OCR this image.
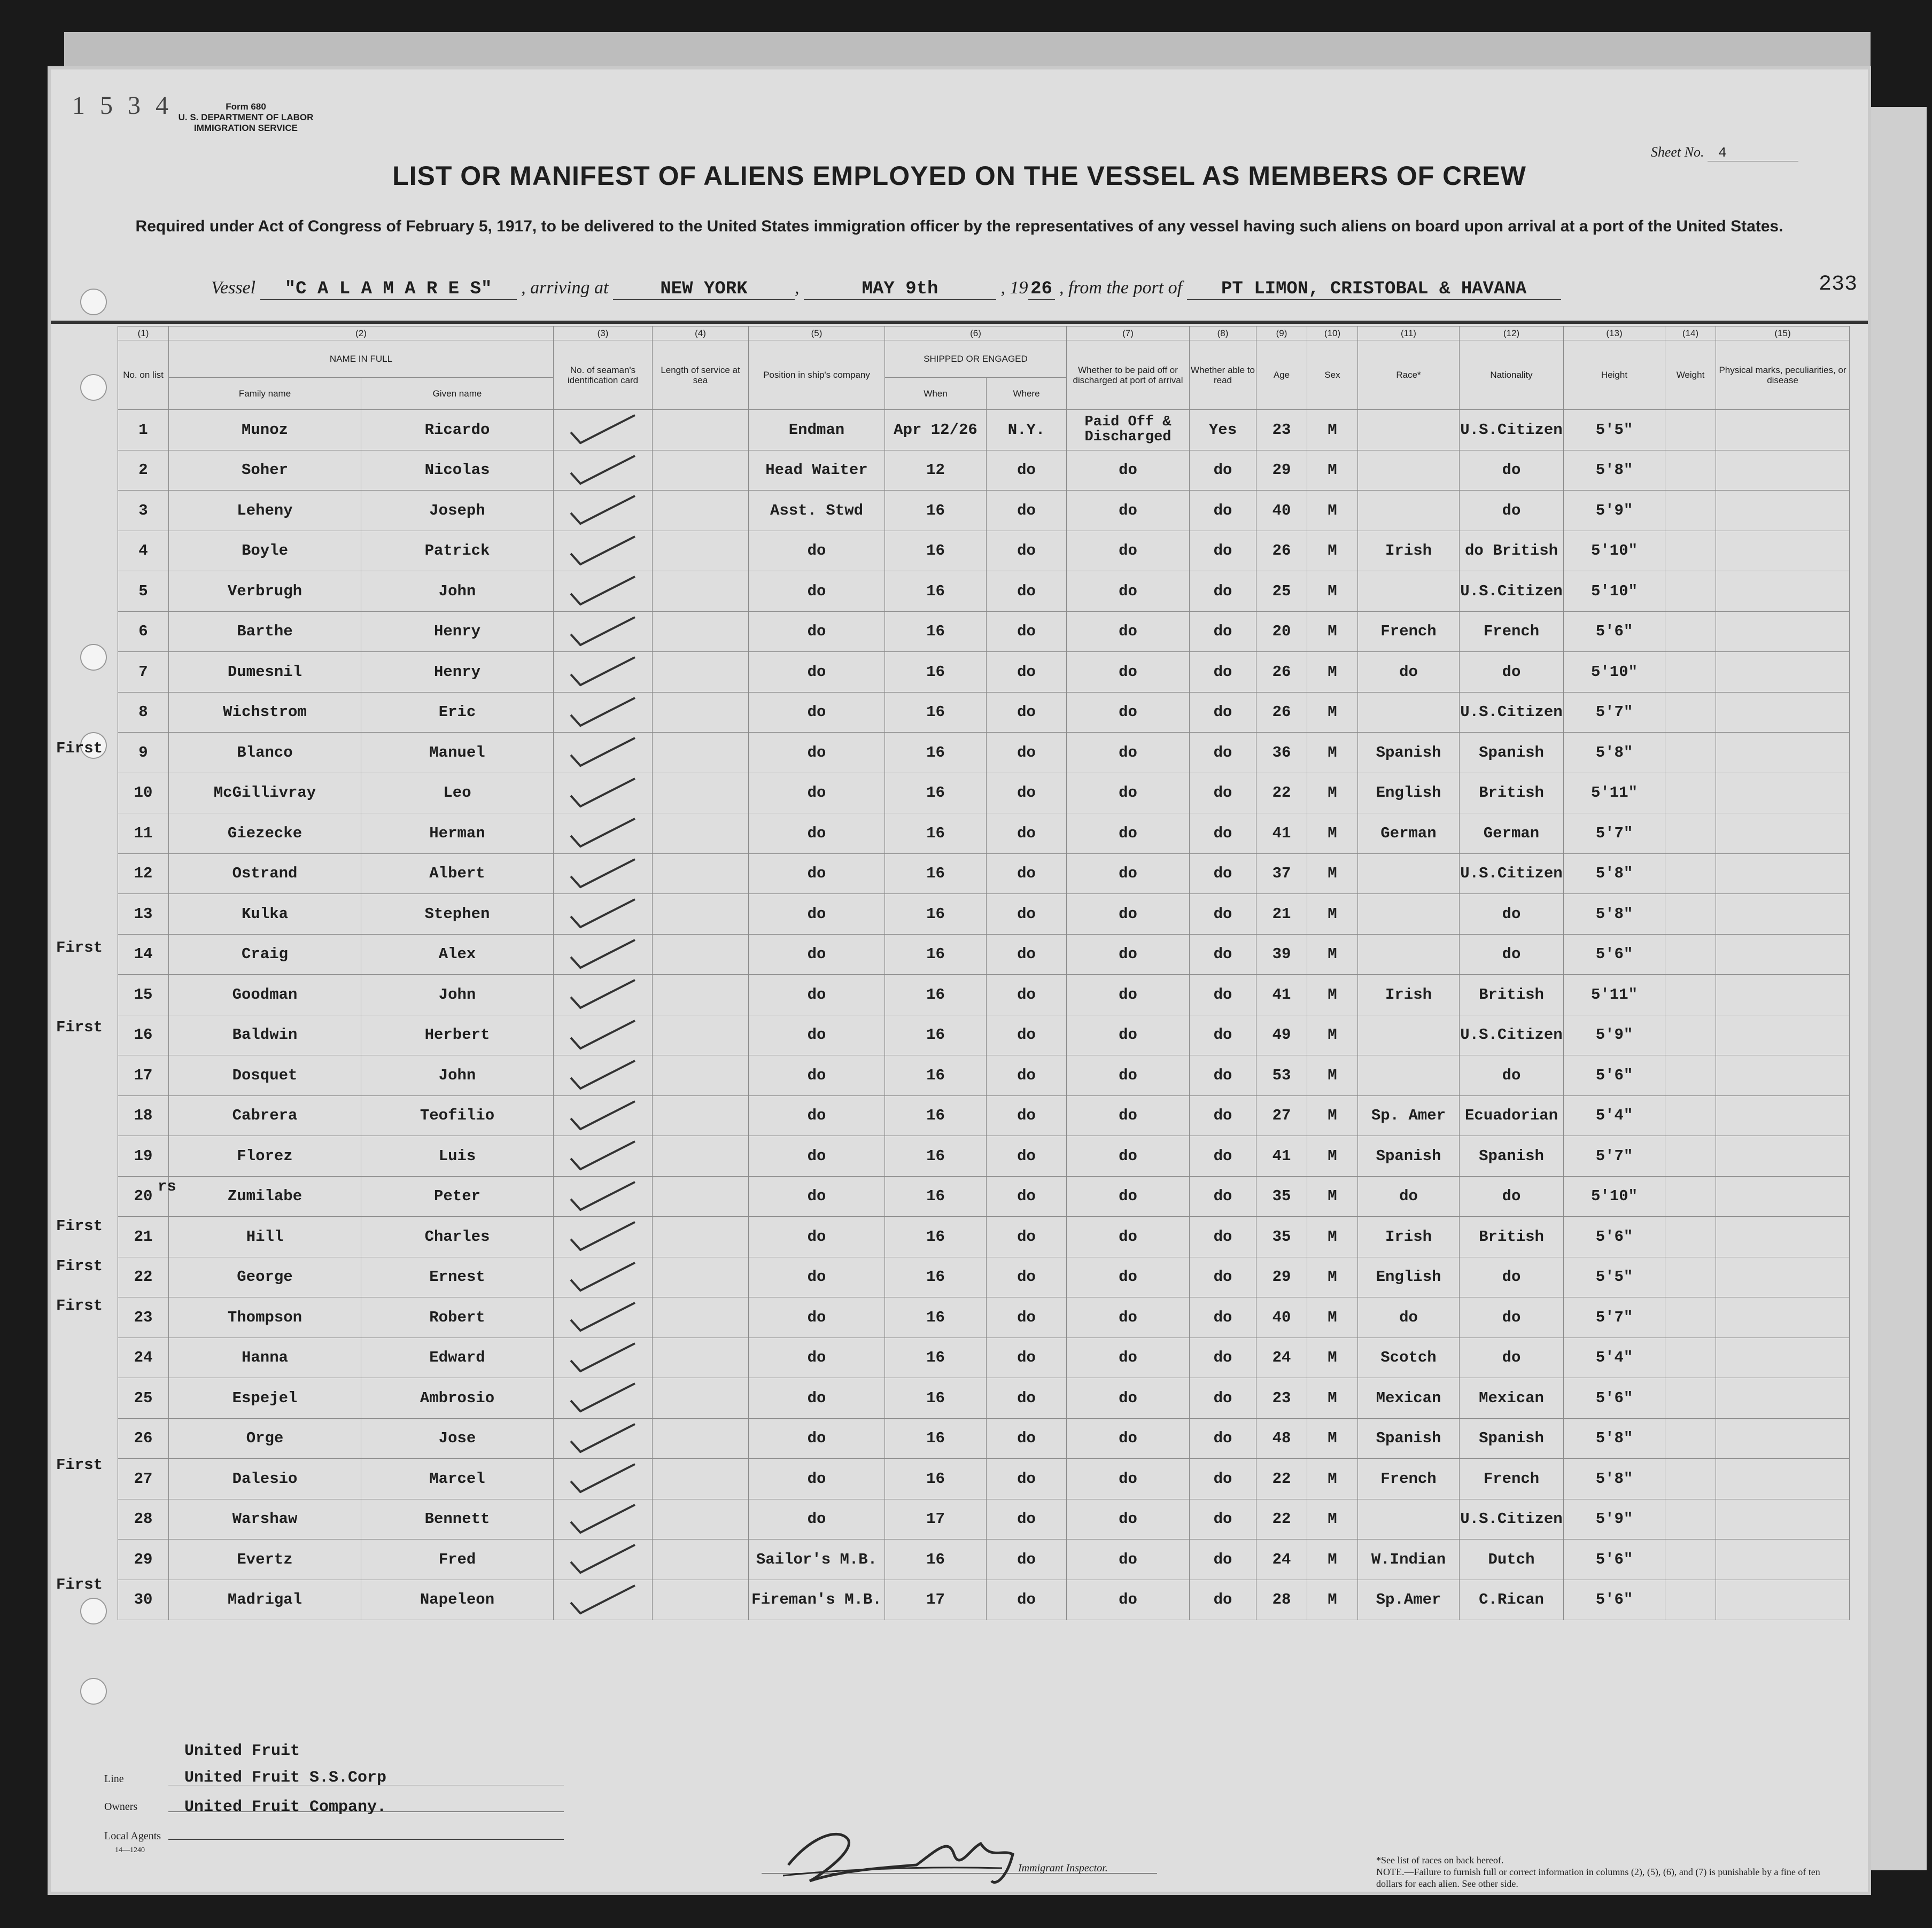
1 5 3 4	Form 680
U. S. DEPARTMENT OF LABOR
IMMIGRATION SERVICE
Sheet No. 4
LIST OR MANIFEST OF ALIENS EMPLOYED ON THE VESSEL AS MEMBERS OF CREW
Required under Act of Congress of February 5, 1917, to be delivered to the United States immigration officer by the representatives of any vessel having such aliens on board upon arrival at a port of the United States.
Vessel "C A L A M A R E S" , arriving at	NEW YORK	,	MAY 9th	, 19 26 , from the port of PT LIMON, CRISTOBAL & HAVANA	233
(1)	(2)		(3)	(4)	(5)	(6)		(7)	(8)	(9)	(10)	(11)	(12)	(13)	(14)	(15)
No. on list	NAME IN FULL		No. of seaman's identification card	Length of service at sea	Position in ship's company	SHIPPED OR ENGAGED		Whether to be paid off or discharged at port of arrival	Whether able to read	Age	Sex	Race*	Nationality	Height	Weight	Physical marks, peculiarities, or disease
	Family name	Given name				When	Where									
1	Munoz	Ricardo			Endman	Apr 12/26	N.Y.	Paid Off & Discharged	Yes	23	M		U.S.Citizen	5'5"		
2	Soher	Nicolas			Head Waiter	12	do	do	do	29	M		do	5'8"		
3	Leheny	Joseph			Asst. Stwd	16	do	do	do	40	M		do	5'9"		
4	Boyle	Patrick			do	16	do	do	do	26	M	Irish	do British	5'10"		
5	Verbrugh	John			do	16	do	do	do	25	M		U.S.Citizen	5'10"		
6	Barthe	Henry			do	16	do	do	do	20	M	French	French	5'6"		
7	Dumesnil	Henry			do	16	do	do	do	26	M	do	do	5'10"		
8	Wichstrom	Eric			do	16	do	do	do	26	M		U.S.Citizen	5'7"		
9	Blanco	Manuel			do	16	do	do	do	36	M	Spanish	Spanish	5'8"		
10	McGillivray	Leo			do	16	do	do	do	22	M	English	British	5'11"		
11	Giezecke	Herman			do	16	do	do	do	41	M	German	German	5'7"		
12	Ostrand	Albert			do	16	do	do	do	37	M		U.S.Citizen	5'8"		
13	Kulka	Stephen			do	16	do	do	do	21	M		do	5'8"		
14	Craig	Alex			do	16	do	do	do	39	M		do	5'6"		
15	Goodman	John			do	16	do	do	do	41	M	Irish	British	5'11"		
16	Baldwin	Herbert			do	16	do	do	do	49	M		U.S.Citizen	5'9"		
17	Dosquet	John			do	16	do	do	do	53	M		do	5'6"		
18	Cabrera	Teofilio			do	16	do	do	do	27	M	Sp. Amer	Ecuadorian	5'4"		
19	Florez	Luis			do	16	do	do	do	41	M	Spanish	Spanish	5'7"		
20	Zumilabe	Peter			do	16	do	do	do	35	M	do	do	5'10"		
21	Hill	Charles			do	16	do	do	do	35	M	Irish	British	5'6"		
22	George	Ernest			do	16	do	do	do	29	M	English	do	5'5"		
23	Thompson	Robert			do	16	do	do	do	40	M	do	do	5'7"		
24	Hanna	Edward			do	16	do	do	do	24	M	Scotch	do	5'4"		
25	Espejel	Ambrosio			do	16	do	do	do	23	M	Mexican	Mexican	5'6"		
26	Orge	Jose			do	16	do	do	do	48	M	Spanish	Spanish	5'8"		
27	Dalesio	Marcel			do	16	do	do	do	22	M	French	French	5'8"		
28	Warshaw	Bennett			do	17	do	do	do	22	M		U.S.Citizen	5'9"		
29	Evertz	Fred			Sailor's M.B.	16	do	do	do	24	M	W.Indian	Dutch	5'6"		
30	Madrigal	Napeleon			Fireman's M.B.	17	do	do	do	28	M	Sp.Amer	C.Rican	5'6"		
Line
United Fruit
Owners
United Fruit S.S.Corp
Local Agents
United Fruit Company.
14—1240
Immigrant Inspector.
*See list of races on back hereof.
NOTE.—Failure to furnish full or correct information in columns (2), (5), (6), and (7) is punishable by a fine of ten dollars for each alien. See other side.
First
First
First
rs
First
First
First
First
First
